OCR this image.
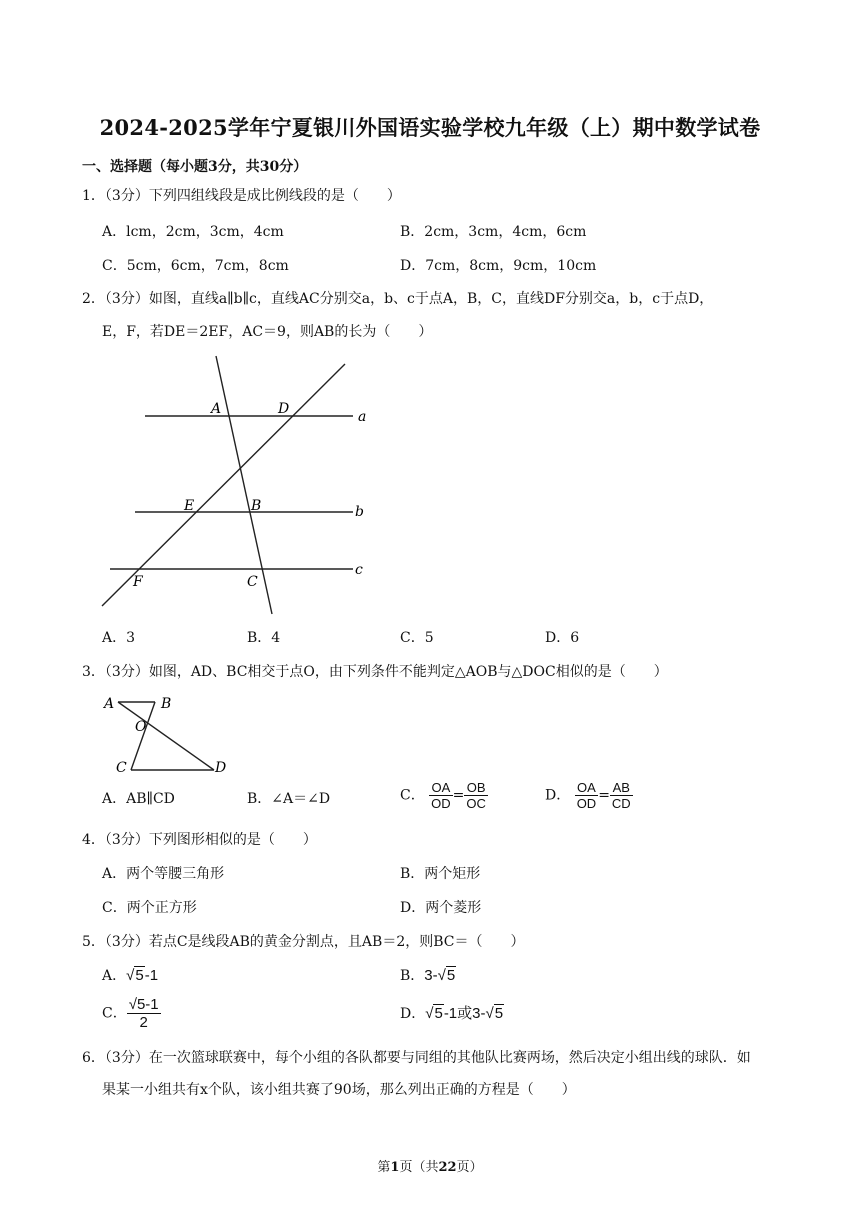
2024-2025学年宁夏银川外国语实验学校九年级（上）期中数学试卷
一、选择题（每小题3分，共30分）
1．（3分）下列四组线段是成比例线段的是（　　）
A．lcm，2cm，3cm，4cm	B．2cm，3cm，4cm，6cm
C．5cm，6cm，7cm，8cm	D．7cm，8cm，9cm，10cm
2．（3分）如图，直线a∥b∥c，直线AC分别交a，b、c于点A，B，C，直线DF分别交a，b，c于点D，
E，F，若DE＝2EF，AC＝9，则AB的长为（　　）
A	D	a
E	B	b
F	C
c
A．3	B．4	C．5	D．6
3．（3分）如图，AD、BC相交于点O，由下列条件不能判定△AOB与△DOC相似的是（　　）
A	B
O
C	D
A．AB∥CD	B．∠A＝∠D	C． $\frac{OA}{OD} = \frac{OB}{OC}$	D． $\frac{OA}{OD} = \frac{AB}{CD}$
4．（3分）下列图形相似的是（　　）
A．两个等腰三角形	B．两个矩形
C．两个正方形	D．两个菱形
5．（3分）若点C是线段AB的黄金分割点，且AB＝2，则BC＝（　　）
A．√5-1	B．3-√5
C． $\frac{√5-1}{2}$	D．√5-1或3-√5
6．（3分）在一次篮球联赛中，每个小组的各队都要与同组的其他队比赛两场，然后决定小组出线的球队．如
果某一小组共有x个队，该小组共赛了90场，那么列出正确的方程是（　　）
第1页（共22页）
